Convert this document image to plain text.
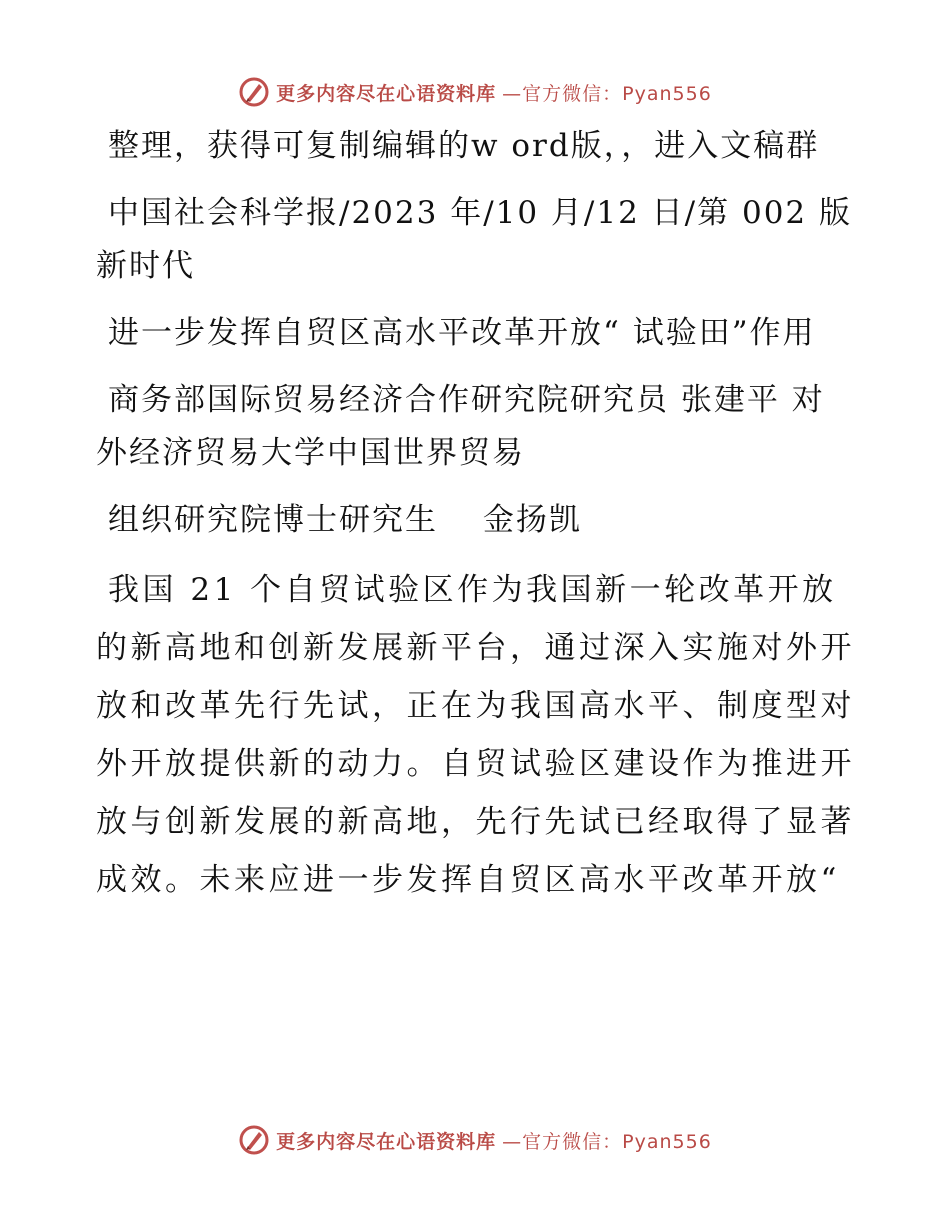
更多内容尽在心语资料库 —官方微信：Pyan556

整理，获得可复制编辑的w ord版，，进入文稿群

中国社会科学报/2023 年/10 月/12 日/第 002 版新时代

进一步发挥自贸区高水平改革开放“ 试验田”作用

商务部国际贸易经济合作研究院研究员 张建平 对外经济贸易大学中国世界贸易

组织研究院博士研究生　 金扬凯

我国 21 个自贸试验区作为我国新一轮改革开放的新高地和创新发展新平台，通过深入实施对外开放和改革先行先试，正在为我国高水平、制度型对外开放提供新的动力。自贸试验区建设作为推进开放与创新发展的新高地，先行先试已经取得了显著成效。未来应进一步发挥自贸区高水平改革开放“

更多内容尽在心语资料库 —官方微信：Pyan556
